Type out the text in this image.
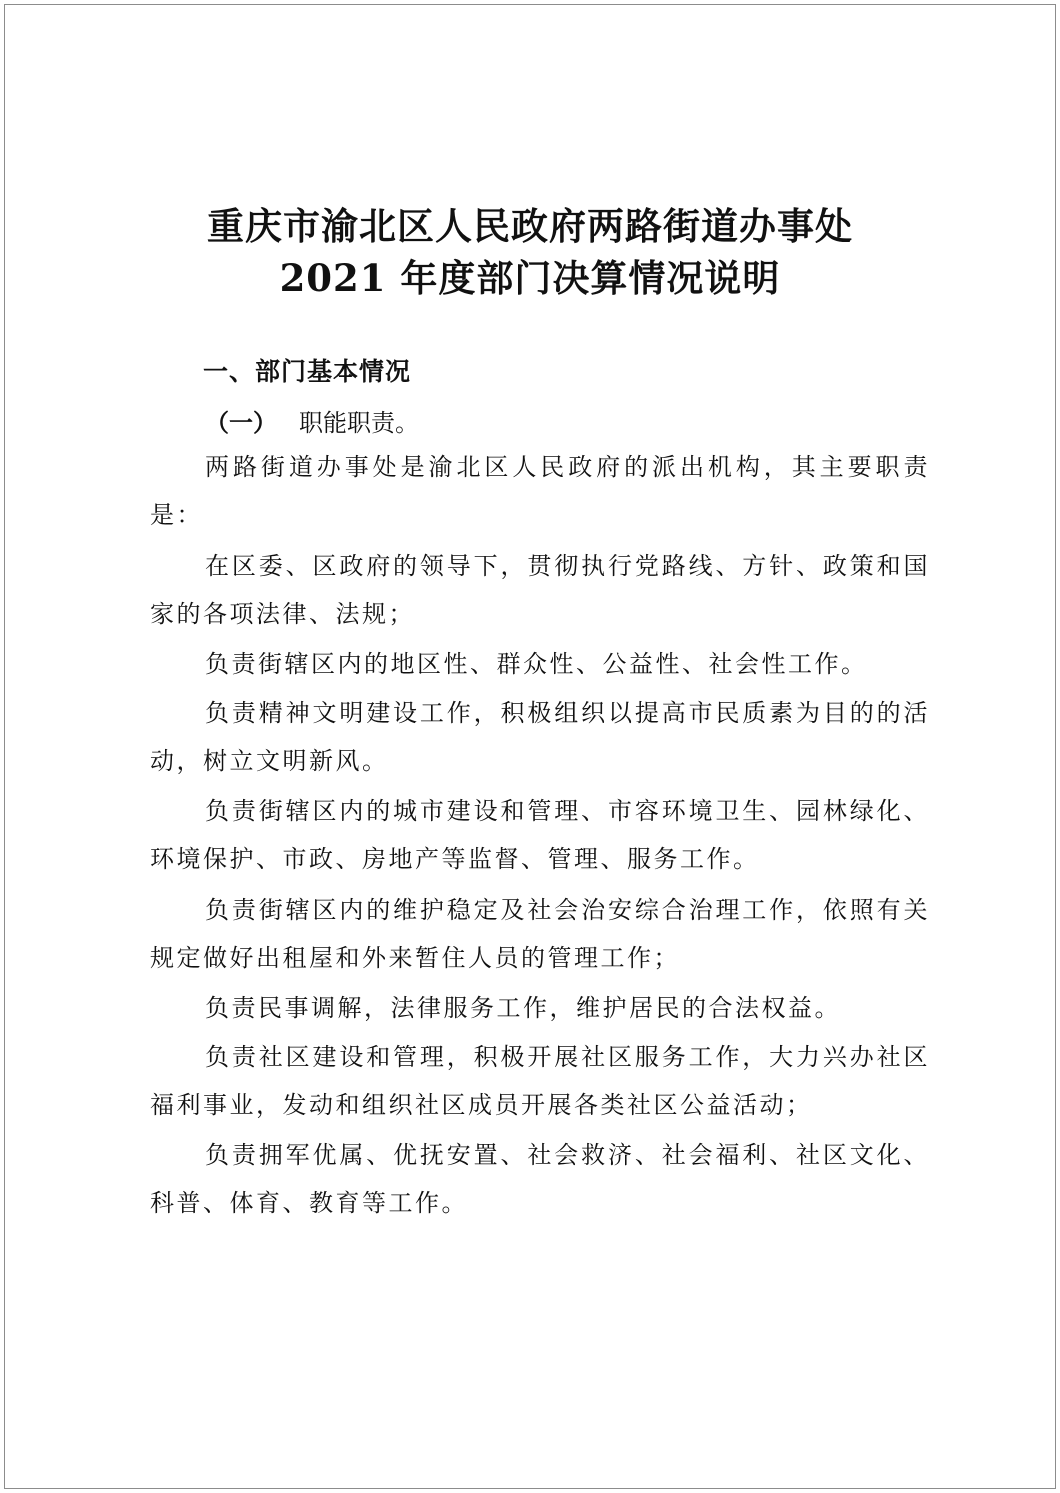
重庆市渝北区人民政府两路街道办事处
2021 年度部门决算情况说明
一、部门基本情况
（一） 职能职责。

两路街道办事处是渝北区人民政府的派出机构，其主要职责是：

在区委、区政府的领导下，贯彻执行党路线、方针、政策和国家的各项法律、法规；

负责街辖区内的地区性、群众性、公益性、社会性工作。

负责精神文明建设工作，积极组织以提高市民质素为目的的活动，树立文明新风。

负责街辖区内的城市建设和管理、市容环境卫生、园林绿化、环境保护、市政、房地产等监督、管理、服务工作。

负责街辖区内的维护稳定及社会治安综合治理工作，依照有关规定做好出租屋和外来暂住人员的管理工作；

负责民事调解，法律服务工作，维护居民的合法权益。

负责社区建设和管理，积极开展社区服务工作，大力兴办社区福利事业，发动和组织社区成员开展各类社区公益活动；

负责拥军优属、优抚安置、社会救济、社会福利、社区文化、科普、体育、教育等工作。
